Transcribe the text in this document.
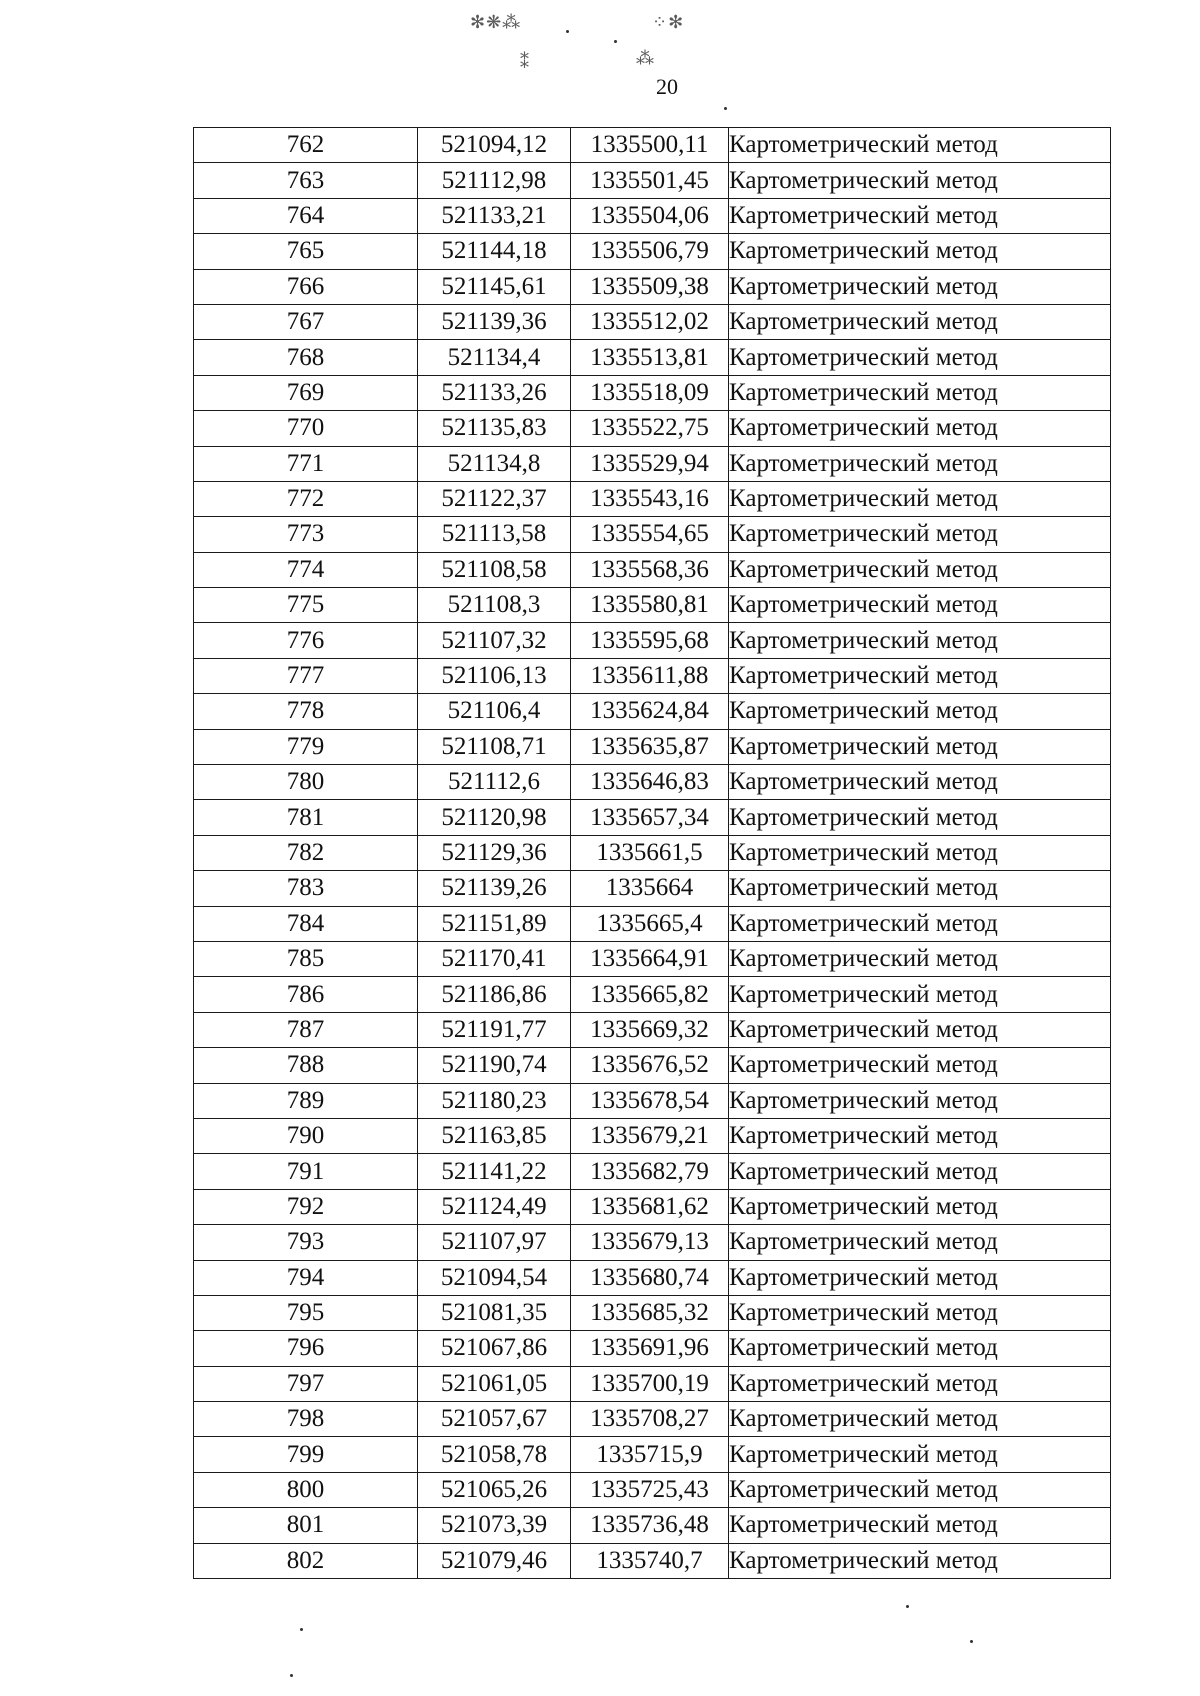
✻❋⁂	⁘✻
⁑	⁂
20
762	521094,12	1335500,11	Картометрический метод
763	521112,98	1335501,45	Картометрический метод
764	521133,21	1335504,06	Картометрический метод
765	521144,18	1335506,79	Картометрический метод
766	521145,61	1335509,38	Картометрический метод
767	521139,36	1335512,02	Картометрический метод
768	521134,4	1335513,81	Картометрический метод
769	521133,26	1335518,09	Картометрический метод
770	521135,83	1335522,75	Картометрический метод
771	521134,8	1335529,94	Картометрический метод
772	521122,37	1335543,16	Картометрический метод
773	521113,58	1335554,65	Картометрический метод
774	521108,58	1335568,36	Картометрический метод
775	521108,3	1335580,81	Картометрический метод
776	521107,32	1335595,68	Картометрический метод
777	521106,13	1335611,88	Картометрический метод
778	521106,4	1335624,84	Картометрический метод
779	521108,71	1335635,87	Картометрический метод
780	521112,6	1335646,83	Картометрический метод
781	521120,98	1335657,34	Картометрический метод
782	521129,36	1335661,5	Картометрический метод
783	521139,26	1335664	Картометрический метод
784	521151,89	1335665,4	Картометрический метод
785	521170,41	1335664,91	Картометрический метод
786	521186,86	1335665,82	Картометрический метод
787	521191,77	1335669,32	Картометрический метод
788	521190,74	1335676,52	Картометрический метод
789	521180,23	1335678,54	Картометрический метод
790	521163,85	1335679,21	Картометрический метод
791	521141,22	1335682,79	Картометрический метод
792	521124,49	1335681,62	Картометрический метод
793	521107,97	1335679,13	Картометрический метод
794	521094,54	1335680,74	Картометрический метод
795	521081,35	1335685,32	Картометрический метод
796	521067,86	1335691,96	Картометрический метод
797	521061,05	1335700,19	Картометрический метод
798	521057,67	1335708,27	Картометрический метод
799	521058,78	1335715,9	Картометрический метод
800	521065,26	1335725,43	Картометрический метод
801	521073,39	1335736,48	Картометрический метод
802	521079,46	1335740,7	Картометрический метод
